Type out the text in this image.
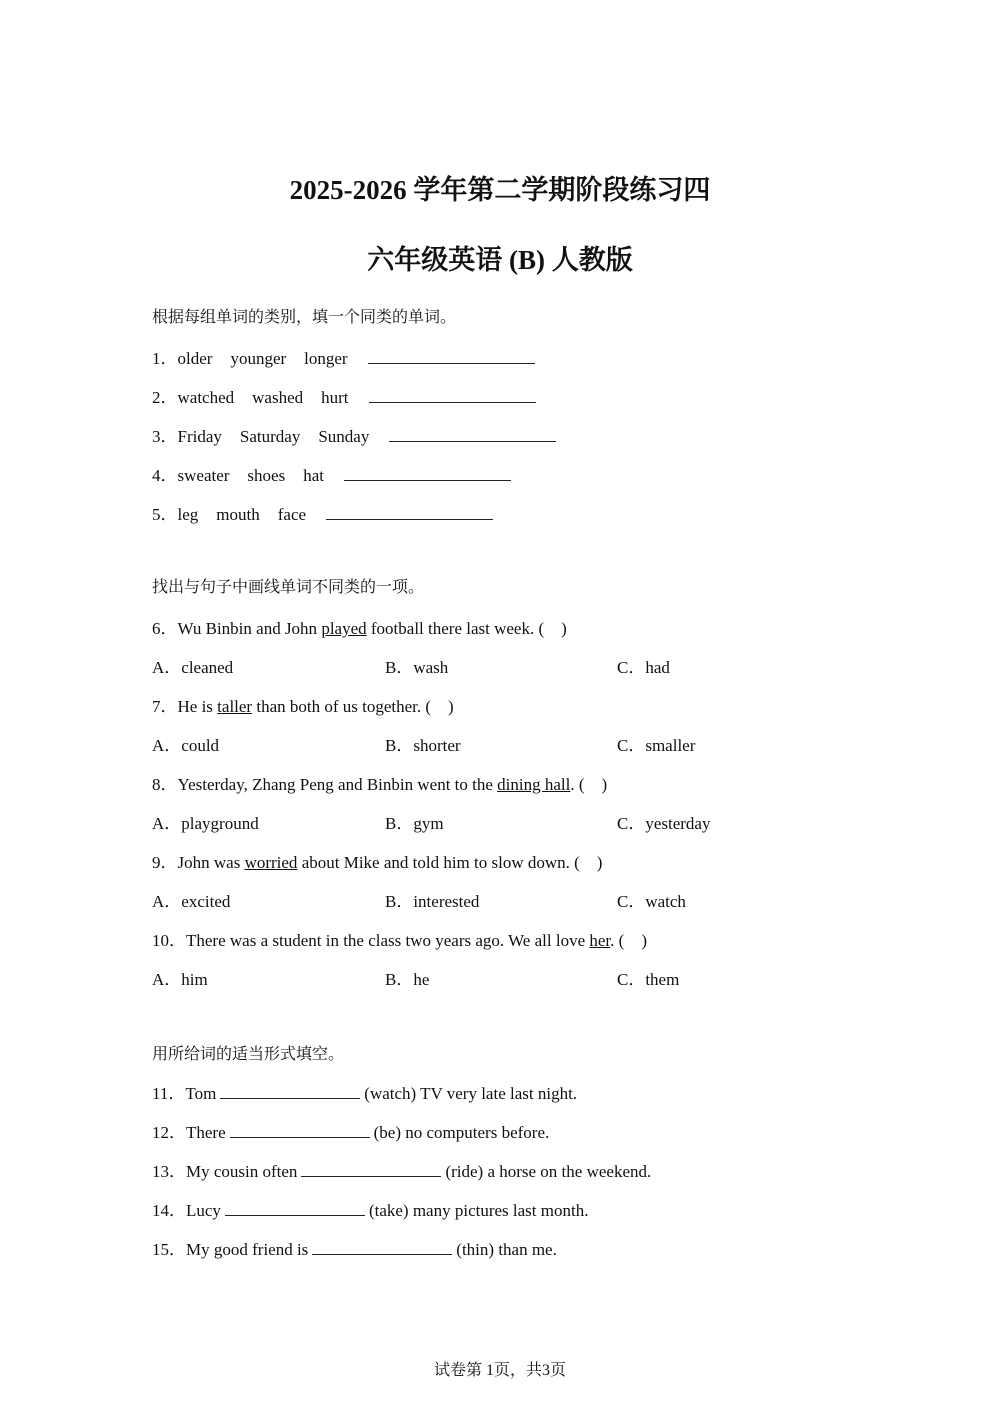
2025-2026 学年第二学期阶段练习四
六年级英语 (B) 人教版
根据每组单词的类别，填一个同类的单词。
1．older younger longer
2．watched washed hurt
3．Friday Saturday Sunday
4．sweater shoes hat
5．leg mouth face
找出与句子中画线单词不同类的一项。
6．Wu Binbin and John played football there last week. (　)
A．cleaned	B．wash	C．had
7．He is taller than both of us together. (　)
A．could	B．shorter	C．smaller
8．Yesterday, Zhang Peng and Binbin went to the dining hall. (　)
A．playground	B．gym	C．yesterday
9．John was worried about Mike and told him to slow down. (　)
A．excited	B．interested	C．watch
10．There was a student in the class two years ago. We all love her. (　)
A．him	B．he	C．them
用所给词的适当形式填空。
11．Tom	(watch) TV very late last night.
12．There	(be) no computers before.
13．My cousin often	(ride) a horse on the weekend.
14．Lucy	(take) many pictures last month.
15．My good friend is	(thin) than me.
试卷第 1页，共3页
